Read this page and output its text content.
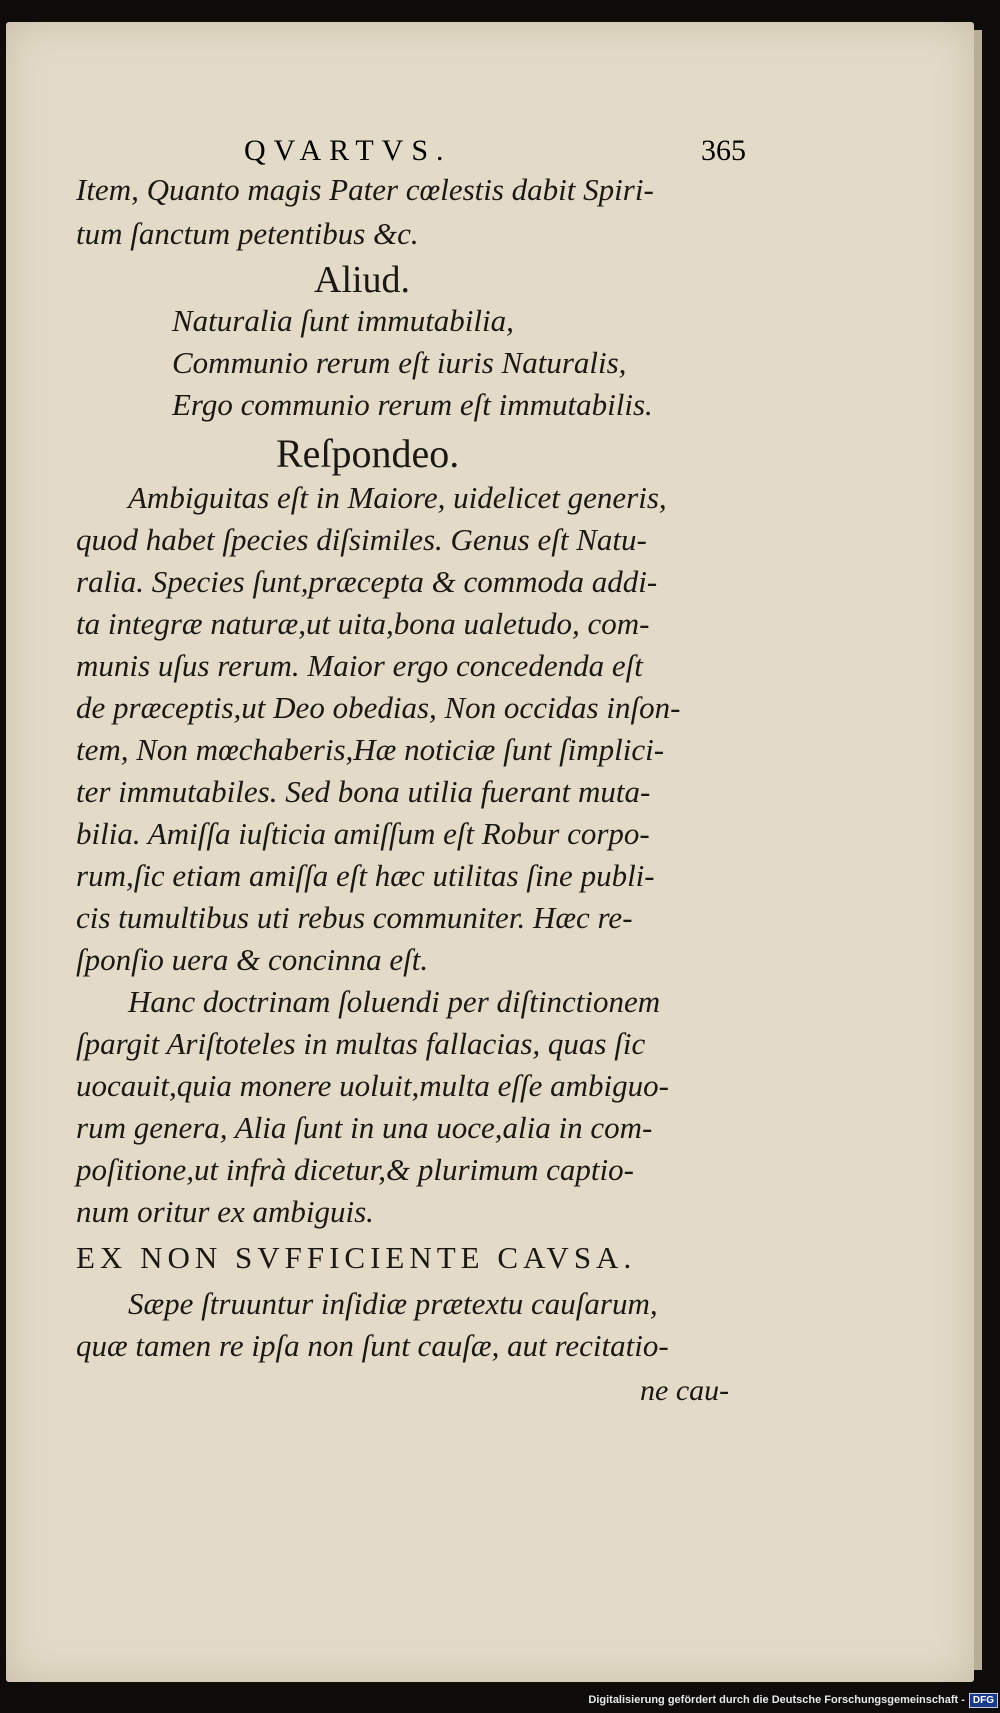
QVARTVS.	365
Item, Quanto magis Pater cœlestis dabit Spiri-
tum ſanctum petentibus &c.
Aliud.
Naturalia ſunt immutabilia,
Communio rerum eſt iuris Naturalis,
Ergo communio rerum eſt immutabilis.
Reſpondeo.
Ambiguitas eſt in Maiore, uidelicet generis,
quod habet ſpecies diſsimiles. Genus eſt Natu-
ralia. Species ſunt,præcepta & commoda addi-
ta integræ naturæ,ut uita,bona ualetudo, com-
munis uſus rerum. Maior ergo concedenda eſt
de præceptis,ut Deo obedias, Non occidas inſon-
tem, Non mœchaberis,Hæ noticiæ ſunt ſimplici-
ter immutabiles. Sed bona utilia fuerant muta-
bilia. Amiſſa iuſticia amiſſum eſt Robur corpo-
rum,ſic etiam amiſſa eſt hæc utilitas ſine publi-
cis tumultibus uti rebus communiter. Hæc re-
ſponſio uera & concinna eſt.
Hanc doctrinam ſoluendi per diſtinctionem
ſpargit Ariſtoteles in multas fallacias, quas ſic
uocauit,quia monere uoluit,multa eſſe ambiguo-
rum genera, Alia ſunt in una uoce,alia in com-
poſitione,ut infrà dicetur,& plurimum captio-
num oritur ex ambiguis.
EX NON SVFFICIENTE CAVSA.
Sæpe ſtruuntur inſidiæ prætextu cauſarum,
quæ tamen re ipſa non ſunt cauſæ, aut recitatio-
ne cau-
Digitalisierung gefördert durch die Deutsche Forschungsgemeinschaft - DFG
